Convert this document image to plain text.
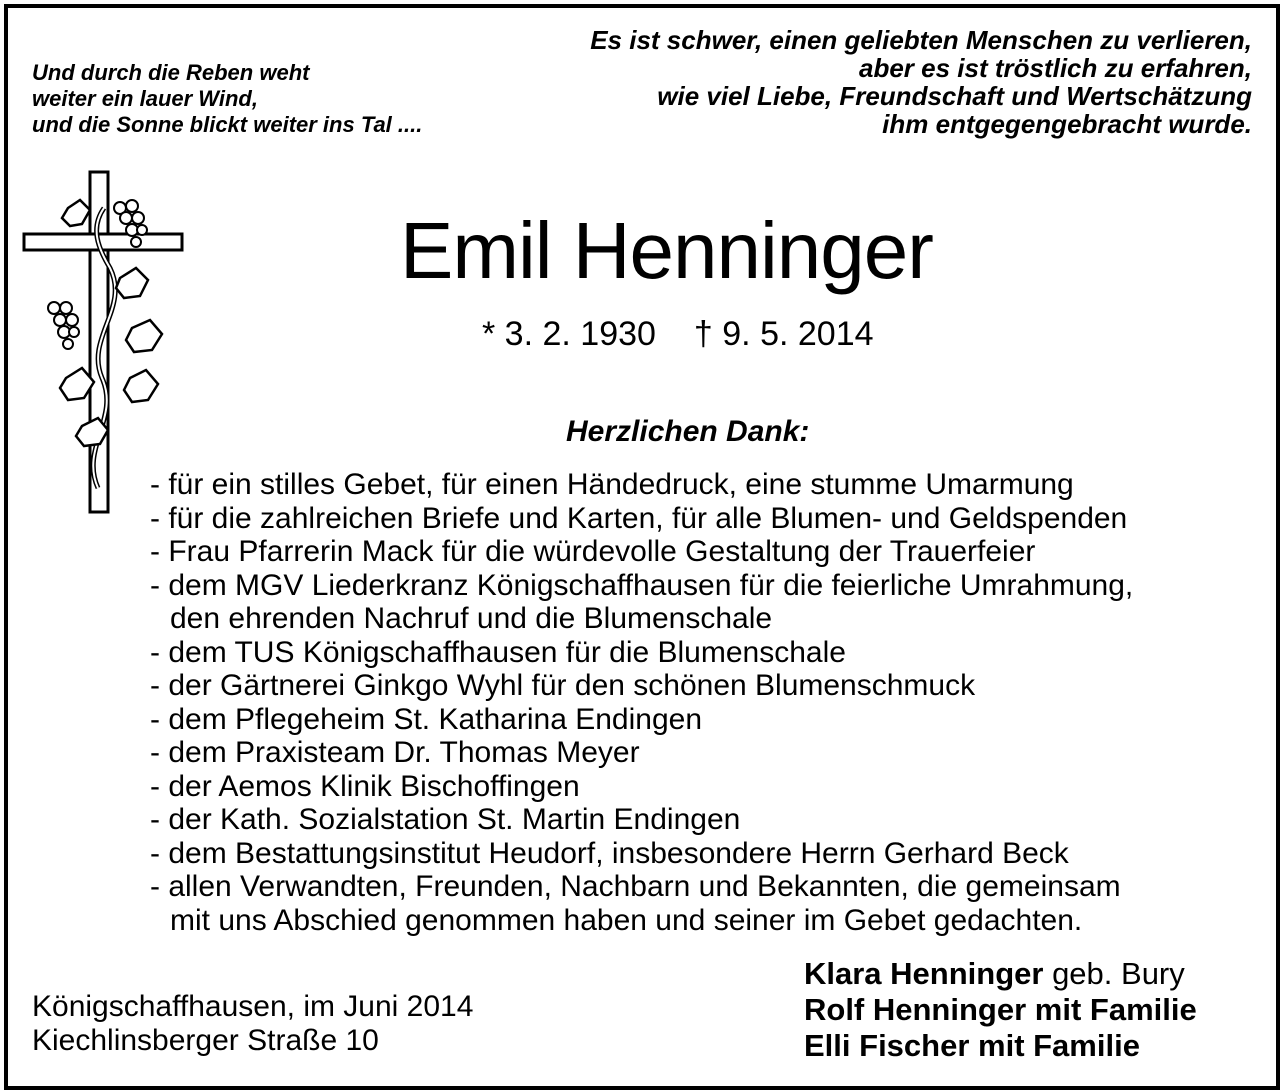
Und durch die Reben weht
weiter ein lauer Wind,
und die Sonne blickt weiter ins Tal ....
Es ist schwer, einen geliebten Menschen zu verlieren,
aber es ist tröstlich zu erfahren,
wie viel Liebe, Freundschaft und Wertschätzung
ihm entgegengebracht wurde.
Emil Henninger
* 3. 2. 1930 † 9. 5. 2014
Herzlichen Dank:
- für ein stilles Gebet, für einen Händedruck, eine stumme Umarmung
- für die zahlreichen Briefe und Karten, für alle Blumen- und Geldspenden
- Frau Pfarrerin Mack für die würdevolle Gestaltung der Trauerfeier
- dem MGV Liederkranz Königschaffhausen für die feierliche Umrahmung,
den ehrenden Nachruf und die Blumenschale
- dem TUS Königschaffhausen für die Blumenschale
- der Gärtnerei Ginkgo Wyhl für den schönen Blumenschmuck
- dem Pflegeheim St. Katharina Endingen
- dem Praxisteam Dr. Thomas Meyer
- der Aemos Klinik Bischoffingen
- der Kath. Sozialstation St. Martin Endingen
- dem Bestattungsinstitut Heudorf, insbesondere Herrn Gerhard Beck
- allen Verwandten, Freunden, Nachbarn und Bekannten, die gemeinsam
mit uns Abschied genommen haben und seiner im Gebet gedachten.
Königschaffhausen, im Juni 2014
Kiechlinsberger Straße 10
Klara Henninger geb. Bury
Rolf Henninger mit Familie
Elli Fischer mit Familie
